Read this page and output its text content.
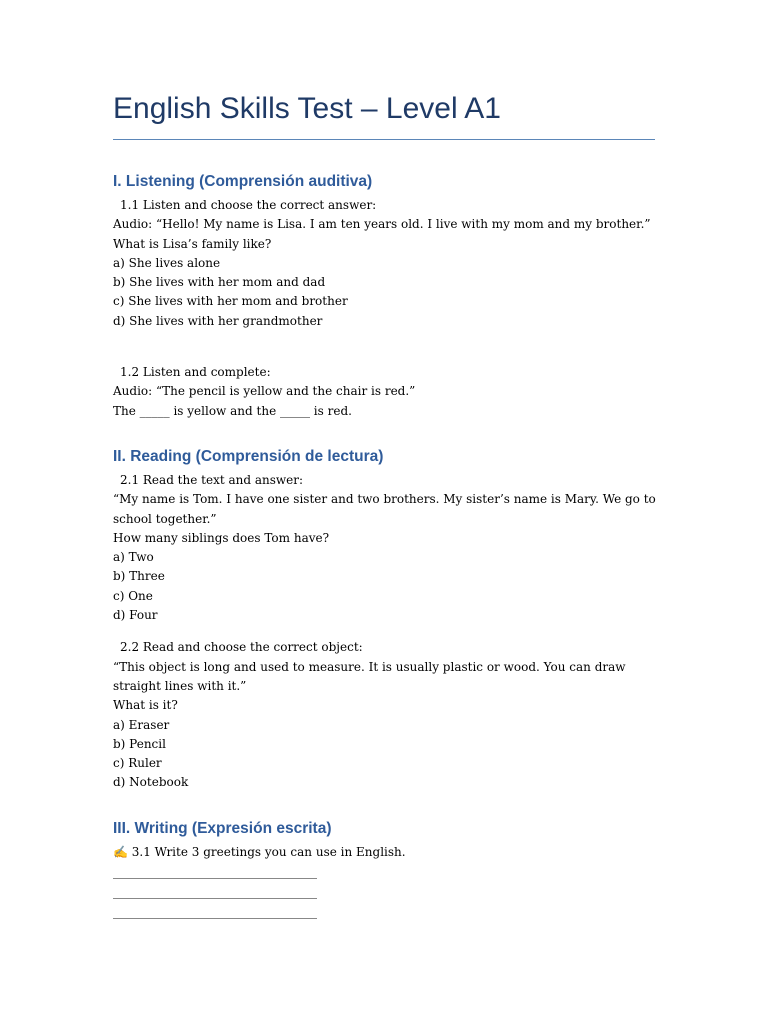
English Skills Test – Level A1
I. Listening (Comprensión auditiva)

1.1 Listen and choose the correct answer:

Audio: “Hello! My name is Lisa. I am ten years old. I live with my mom and my brother.”

What is Lisa’s family like?

a) She lives alone

b) She lives with her mom and dad

c) She lives with her mom and brother

d) She lives with her grandmother

1.2 Listen and complete:

Audio: “The pencil is yellow and the chair is red.”

The _____ is yellow and the _____ is red.

II. Reading (Comprensión de lectura)

2.1 Read the text and answer:

“My name is Tom. I have one sister and two brothers. My sister’s name is Mary. We go to school together.”

How many siblings does Tom have?

a) Two

b) Three

c) One

d) Four

2.2 Read and choose the correct object:

“This object is long and used to measure. It is usually plastic or wood. You can draw straight lines with it.”

What is it?

a) Eraser

b) Pencil

c) Ruler

d) Notebook

III. Writing (Expresión escrita)

✍ 3.1 Write 3 greetings you can use in English.

__________________________________
__________________________________
__________________________________
